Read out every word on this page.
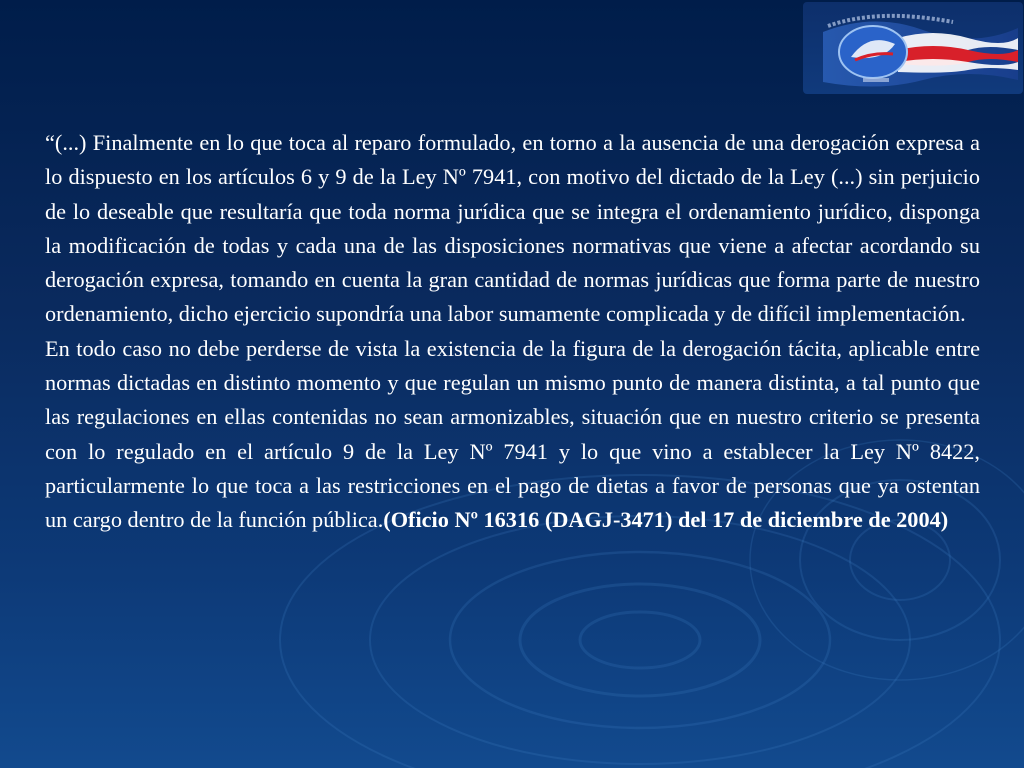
“(...) Finalmente en lo que toca al reparo formulado, en torno a la ausencia de una derogación expresa a lo dispuesto en los artículos 6 y 9 de la Ley Nº 7941, con motivo del dictado de la Ley (...) sin perjuicio de lo deseable que resultaría que toda norma jurídica que se integra el ordenamiento jurídico, disponga la modificación de todas y cada una de las disposiciones normativas que viene a afectar acordando su derogación expresa, tomando en cuenta la gran cantidad de normas jurídicas que forma parte de nuestro ordenamiento, dicho ejercicio supondría una labor sumamente complicada y de difícil implementación.

En todo caso no debe perderse de vista la existencia de la figura de la derogación tácita, aplicable entre normas dictadas en distinto momento y que regulan un mismo punto de manera distinta, a tal punto que las regulaciones en ellas contenidas no sean armonizables, situación que en nuestro criterio se presenta con lo regulado en el artículo 9 de la Ley Nº 7941 y lo que vino a establecer la Ley Nº 8422, particularmente lo que toca a las restricciones en el pago de dietas a favor de personas que ya ostentan un cargo dentro de la función pública.(Oficio Nº 16316 (DAGJ-3471) del 17 de diciembre de 2004)
